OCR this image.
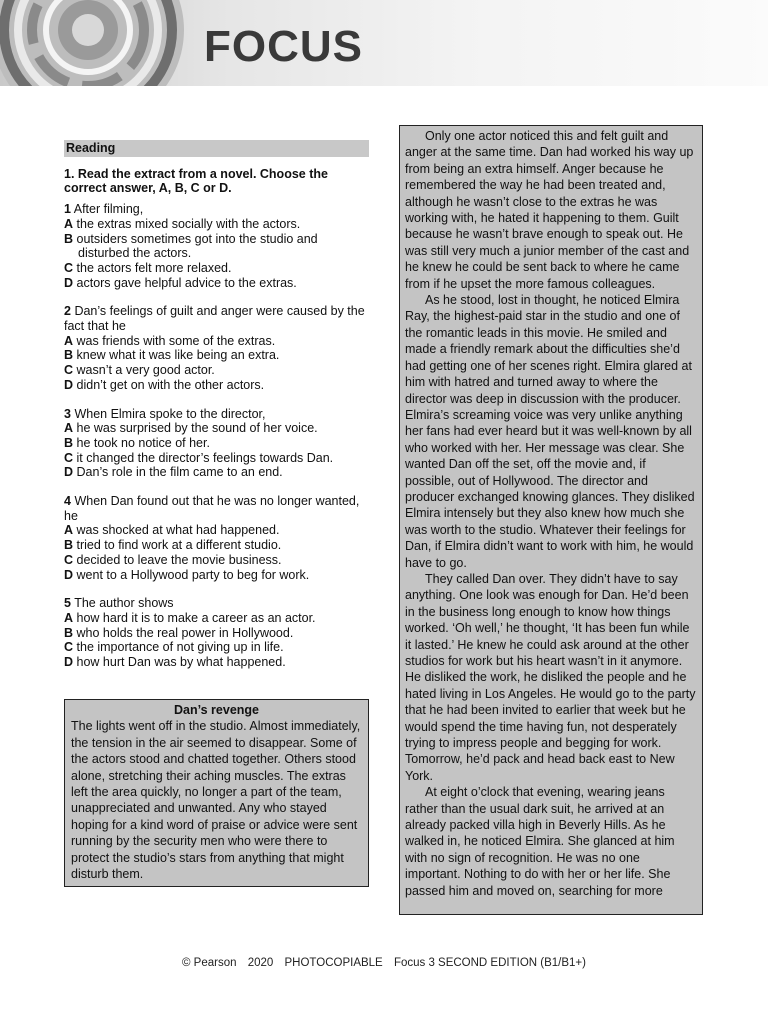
FOCUS
Reading
1. Read the extract from a novel. Choose the correct answer, A, B, C or D.
1 After filming,
A the extras mixed socially with the actors.
B outsiders sometimes got into the studio and
disturbed the actors.
C the actors felt more relaxed.
D actors gave helpful advice to the extras.
2 Dan’s feelings of guilt and anger were caused by the fact that he
A was friends with some of the extras.
B knew what it was like being an extra.
C wasn’t a very good actor.
D didn’t get on with the other actors.
3 When Elmira spoke to the director,
A he was surprised by the sound of her voice.
B he took no notice of her.
C it changed the director’s feelings towards Dan.
D Dan’s role in the film came to an end.
4 When Dan found out that he was no longer wanted, he
A was shocked at what had happened.
B tried to find work at a different studio.
C decided to leave the movie business.
D went to a Hollywood party to beg for work.
5 The author shows
A how hard it is to make a career as an actor.
B who holds the real power in Hollywood.
C the importance of not giving up in life.
D how hurt Dan was by what happened.
Dan’s revenge
The lights went off in the studio. Almost immediately, the tension in the air seemed to disappear. Some of the actors stood and chatted together. Others stood alone, stretching their aching muscles. The extras left the area quickly, no longer a part of the team, unappreciated and unwanted. Any who stayed hoping for a kind word of praise or advice were sent running by the security men who were there to protect the studio’s stars from anything that might disturb them.

Only one actor noticed this and felt guilt and anger at the same time. Dan had worked his way up from being an extra himself. Anger because he remembered the way he had been treated and, although he wasn’t close to the extras he was working with, he hated it happening to them. Guilt because he wasn’t brave enough to speak out. He was still very much a junior member of the cast and he knew he could be sent back to where he came from if he upset the more famous colleagues.

As he stood, lost in thought, he noticed Elmira Ray, the highest-paid star in the studio and one of the romantic leads in this movie. He smiled and made a friendly remark about the difficulties she’d had getting one of her scenes right. Elmira glared at him with hatred and turned away to where the director was deep in discussion with the producer. Elmira’s screaming voice was very unlike anything her fans had ever heard but it was well-known by all who worked with her. Her message was clear. She wanted Dan off the set, off the movie and, if possible, out of Hollywood. The director and producer exchanged knowing glances. They disliked Elmira intensely but they also knew how much she was worth to the studio. Whatever their feelings for Dan, if Elmira didn’t want to work with him, he would have to go.

They called Dan over. They didn’t have to say anything. One look was enough for Dan. He’d been in the business long enough to know how things worked. ‘Oh well,’ he thought, ‘It has been fun while it lasted.’ He knew he could ask around at the other studios for work but his heart wasn’t in it anymore. He disliked the work, he disliked the people and he hated living in Los Angeles. He would go to the party that he had been invited to earlier that week but he would spend the time having fun, not desperately trying to impress people and begging for work. Tomorrow, he’d pack and head back east to New York.

At eight o’clock that evening, wearing jeans rather than the usual dark suit, he arrived at an already packed villa high in Beverly Hills. As he walked in, he noticed Elmira. She glanced at him with no sign of recognition. He was no one important. Nothing to do with her or her life. She passed him and moved on, searching for more

© Pearson 2020 PHOTOCOPIABLE Focus 3 SECOND EDITION (B1/B1+)
